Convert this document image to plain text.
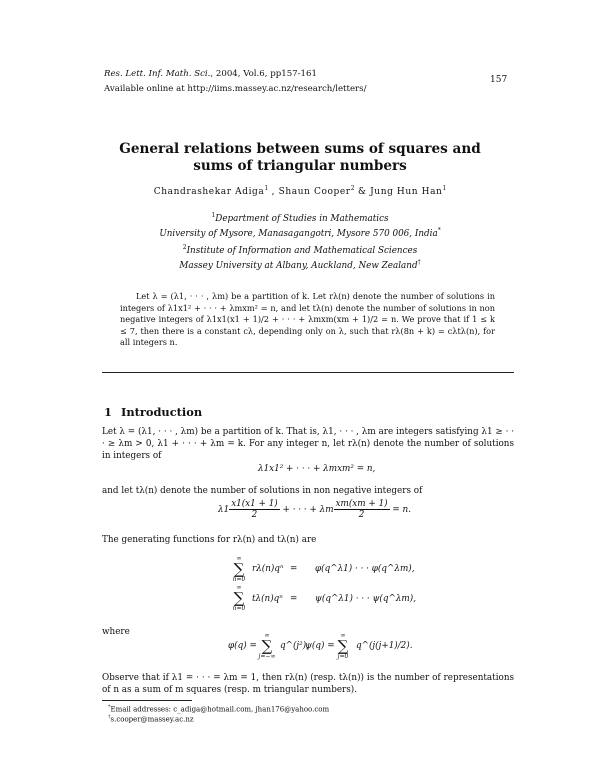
Res. Lett. Inf. Math. Sci., 2004, Vol.6, pp157-161
Available online at http://iims.massey.ac.nz/research/letters/
157
General relations between sums of squares and
sums of triangular numbers
Chandrashekar Adiga$^1$ , Shaun Cooper$^2$ & Jung Hun Han$^1$
$^1$Department of Studies in Mathematics
University of Mysore, Manasagangotri, Mysore 570 006, India*
$^2$Institute of Information and Mathematical Sciences
Massey University at Albany, Auckland, New Zealand†
Let λ = (λ1, · · · , λm) be a partition of k. Let rλ(n) denote the number of solutions in integers of λ1x1² + · · · + λmxm² = n, and let tλ(n) denote the number of solutions in non negative integers of λ1x1(x1 + 1)/2 + · · · + λmxm(xm + 1)/2 = n. We prove that if 1 ≤ k ≤ 7, then there is a constant cλ, depending only on λ, such that rλ(8n + k) = cλtλ(n), for all integers n.
1 Introduction
Let λ = (λ1, · · · , λm) be a partition of k. That is, λ1, · · · , λm are integers satisfying λ1 ≥ · · · ≥ λm > 0, λ1 + · · · + λm = k. For any integer n, let rλ(n) denote the number of solutions in integers of
λ1x1² + · · · + λmxm² = n,
and let tλ(n) denote the number of solutions in non negative integers of
$\lambda 1 \frac{x1(x1 + 1)}{2}$ + · · · + λm $\frac{xm(xm + 1)}{2} = n$.
The generating functions for rλ(n) and tλ(n) are
∞
∑
n=0
rλ(n)qⁿ = φ(q^λ1) · · · φ(q^λm),
∞
∑
n=0
tλ(n)qⁿ = ψ(q^λ1) · · · ψ(q^λm),
where
φ(q) =
∞
∑
j=−∞
q^(j²),
ψ(q) =
∞
∑
j=0
q^(j(j+1)/2).
Observe that if λ1 = · · · = λm = 1, then rλ(n) (resp. tλ(n)) is the number of representations of n as a sum of m squares (resp. m triangular numbers).
*Email addresses: c_adiga@hotmail.com, jhan176@yahoo.com
†s.cooper@massey.ac.nz
